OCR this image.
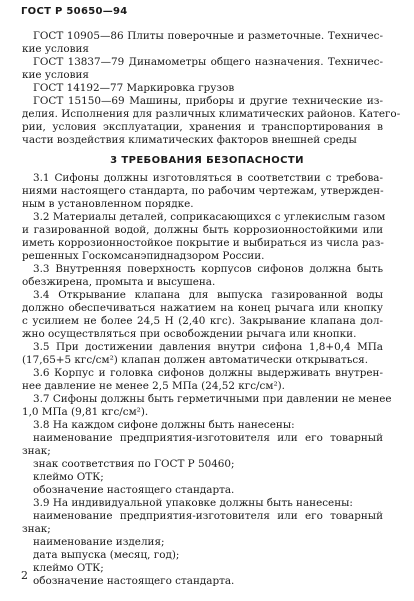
ГОСТ Р 50650—94
ГОСТ 10905—86 Плиты поверочные и разметочные. Техничес-
кие условия
ГОСТ 13837—79 Динамометры общего назначения. Техничес-
кие условия
ГОСТ 14192—77 Маркировка грузов
ГОСТ 15150—69 Машины, приборы и другие технические из-
делия. Исполнения для различных климатических районов. Катего-
рии, условия эксплуатации, хранения и транспортирования в
части воздействия климатических факторов внешней среды
3 ТРЕБОВАНИЯ БЕЗОПАСНОСТИ
3.1 Сифоны должны изготовляться в соответствии с требова-
ниями настоящего стандарта, по рабочим чертежам, утвержден-
ным в установленном порядке.
3.2 Материалы деталей, соприкасающихся с углекислым газом
и газированной водой, должны быть коррозионностойкими или
иметь коррозионностойкое покрытие и выбираться из числа раз-
решенных Госкомсанэпиднадзором России.
3.3 Внутренняя поверхность корпусов сифонов должна быть
обезжирена, промыта и высушена.
3.4 Открывание клапана для выпуска газированной воды
должно обеспечиваться нажатием на конец рычага или кнопку
с усилием не более 24,5 Н (2,40 кгс). Закрывание клапана дол-
жно осуществляться при освобождении рычага или кнопки.
3.5 При достижении давления внутри сифона 1,8+0,4 МПа
(17,65+5 кгс/см²) клапан должен автоматически открываться.
3.6 Корпус и головка сифонов должны выдерживать внутрен-
нее давление не менее 2,5 МПа (24,52 кгс/см²).
3.7 Сифоны должны быть герметичными при давлении не менее
1,0 МПа (9,81 кгс/см²).
3.8 На каждом сифоне должны быть нанесены:
наименование предприятия-изготовителя или его товарный
знак;
знак соответствия по ГОСТ Р 50460;
клеймо ОТК;
обозначение настоящего стандарта.
3.9 На индивидуальной упаковке должны быть нанесены:
наименование предприятия-изготовителя или его товарный
знак;
наименование изделия;
дата выпуска (месяц, год);
клеймо ОТК;
обозначение настоящего стандарта.
2
